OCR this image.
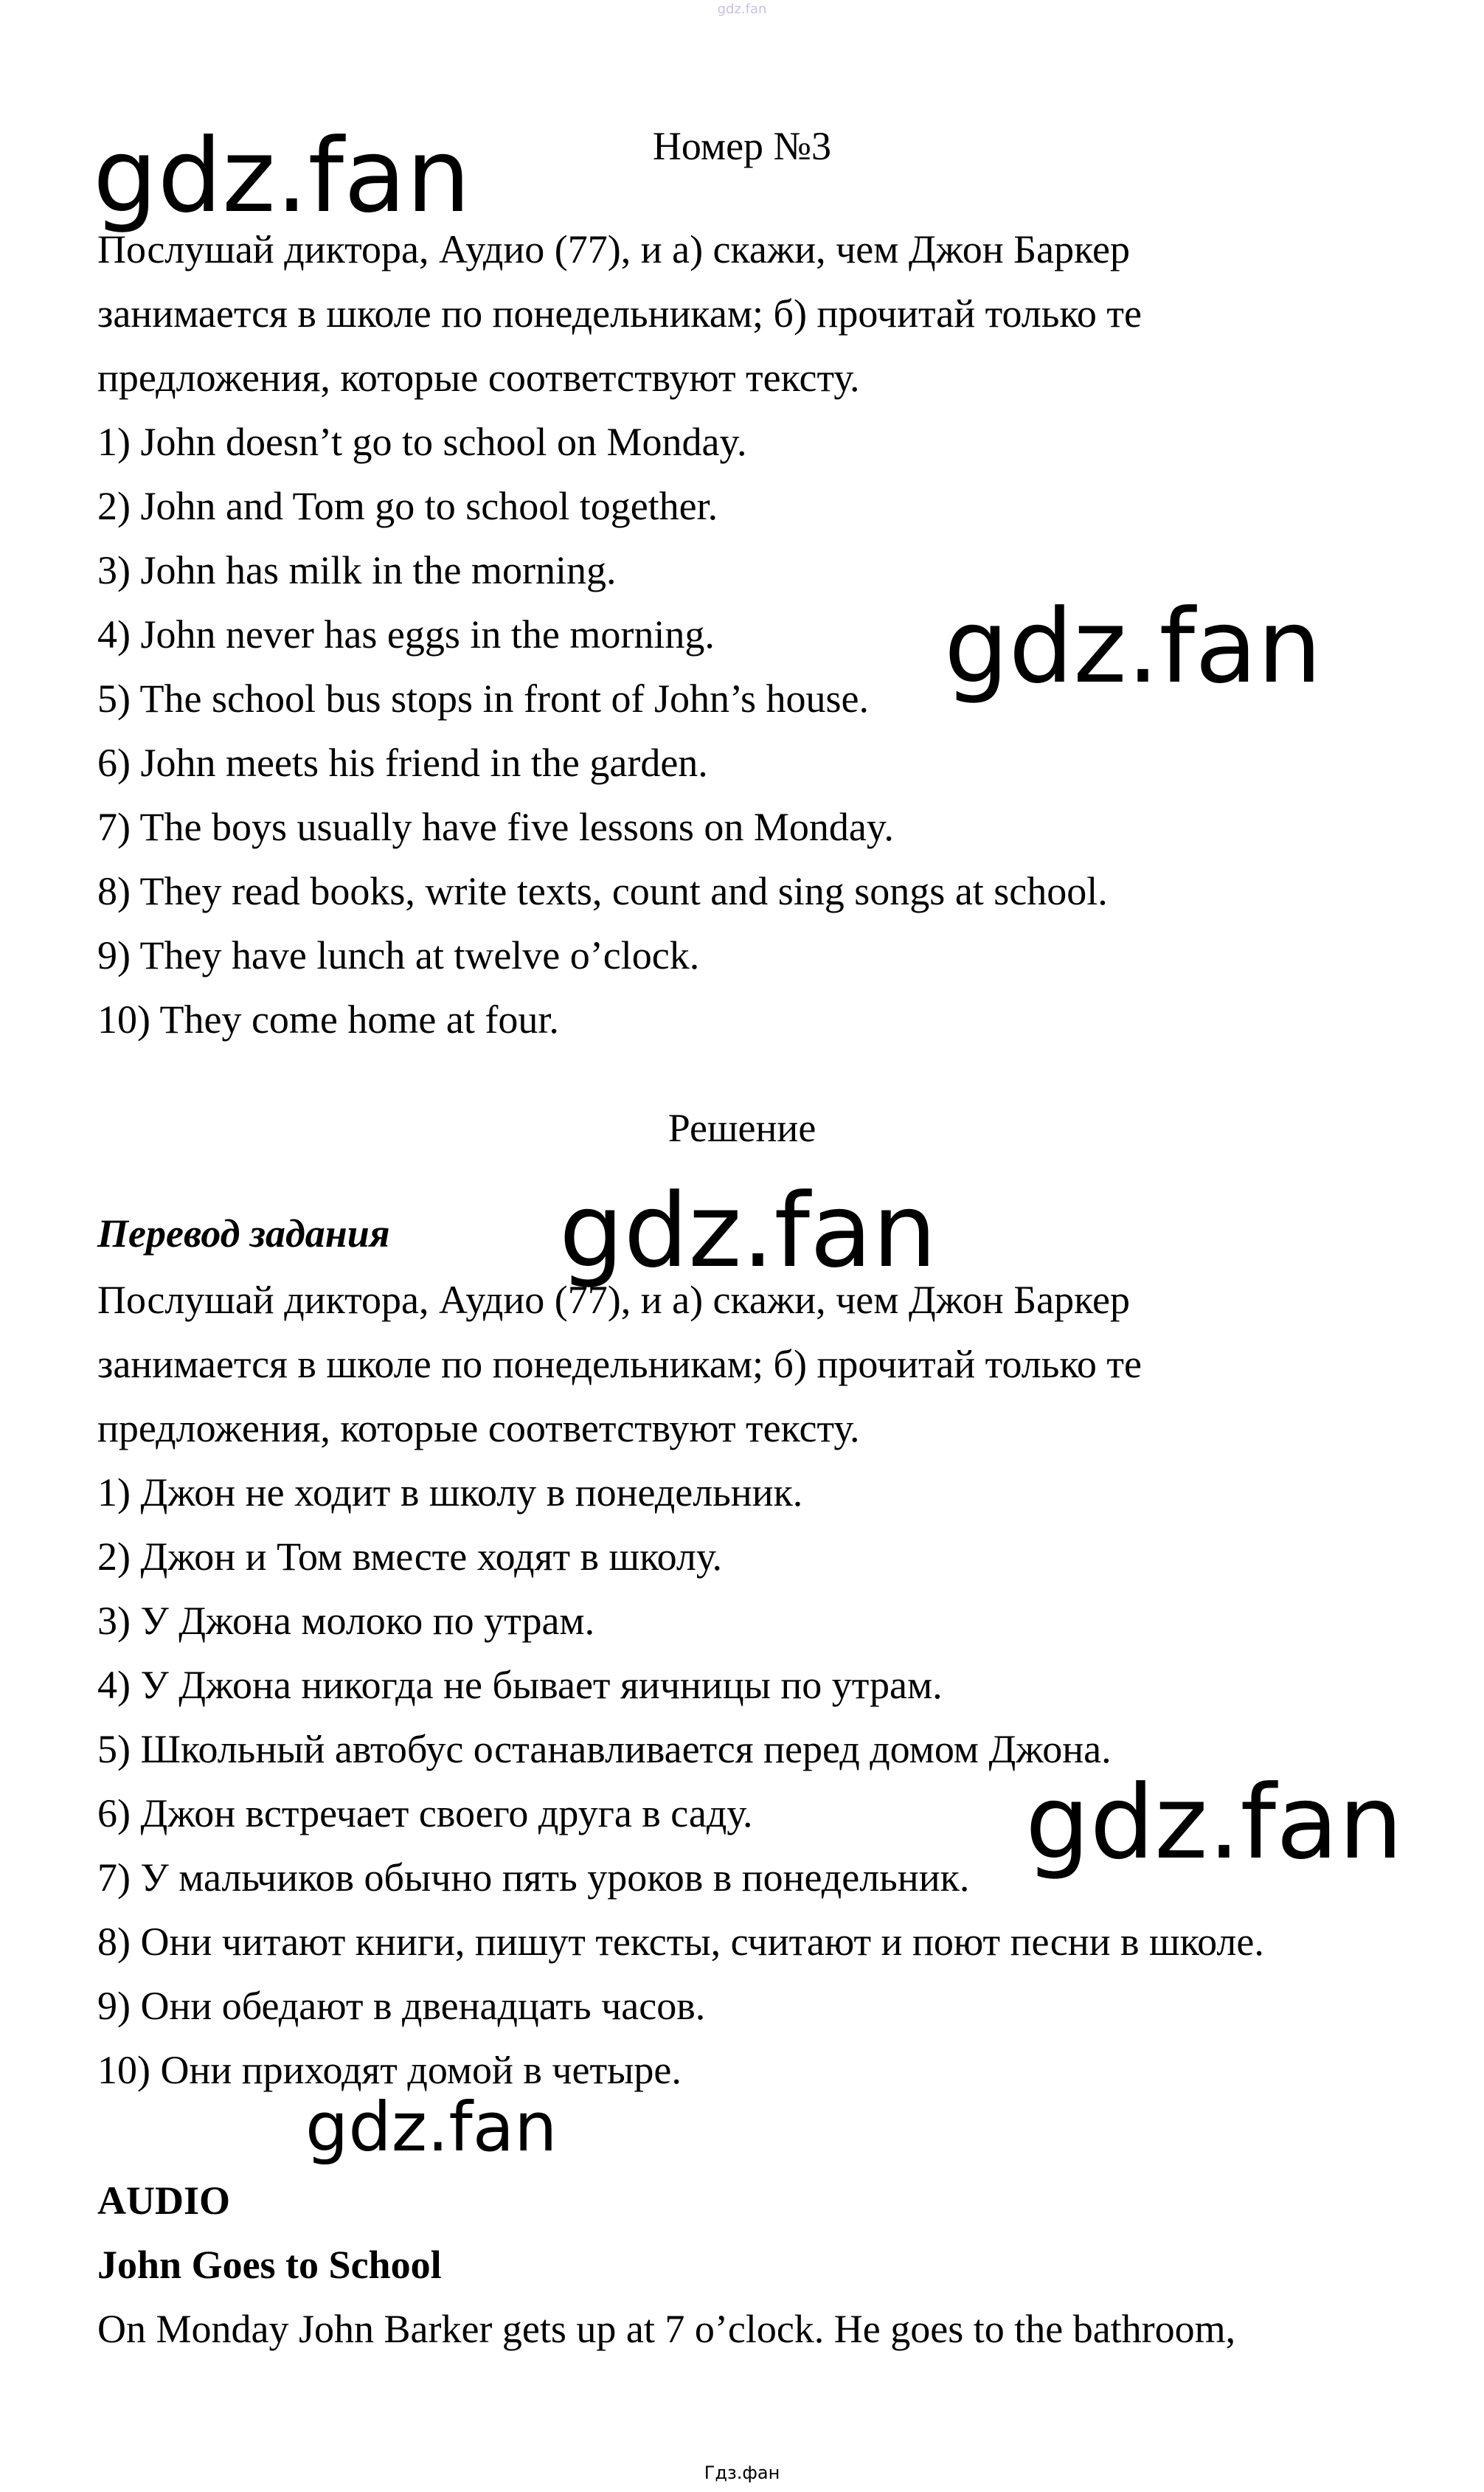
gdz.fan
Номер №3
Послушай диктора, Аудио (77), и а) скажи, чем Джон Баркер
занимается в школе по понедельникам; б) прочитай только те
предложения, которые соответствуют тексту.
1) John doesn’t go to school on Monday.
2) John and Tom go to school together.
3) John has milk in the morning.
4) John never has eggs in the morning.
5) The school bus stops in front of John’s house.
6) John meets his friend in the garden.
7) The boys usually have five lessons on Monday.
8) They read books, write texts, count and sing songs at school.
9) They have lunch at twelve o’clock.
10) They come home at four.
Решение
Перевод задания
Послушай диктора, Аудио (77), и а) скажи, чем Джон Баркер
занимается в школе по понедельникам; б) прочитай только те
предложения, которые соответствуют тексту.
1) Джон не ходит в школу в понедельник.
2) Джон и Том вместе ходят в школу.
3) У Джона молоко по утрам.
4) У Джона никогда не бывает яичницы по утрам.
5) Школьный автобус останавливается перед домом Джона.
6) Джон встречает своего друга в саду.
7) У мальчиков обычно пять уроков в понедельник.
8) Они читают книги, пишут тексты, считают и поют песни в школе.
9) Они обедают в двенадцать часов.
10) Они приходят домой в четыре.
AUDIO
John Goes to School
On Monday John Barker gets up at 7 o’clock. He goes to the bathroom,
gdz.fan
gdz.fan
gdz.fan
gdz.fan
gdz.fan
Гдз.фан
